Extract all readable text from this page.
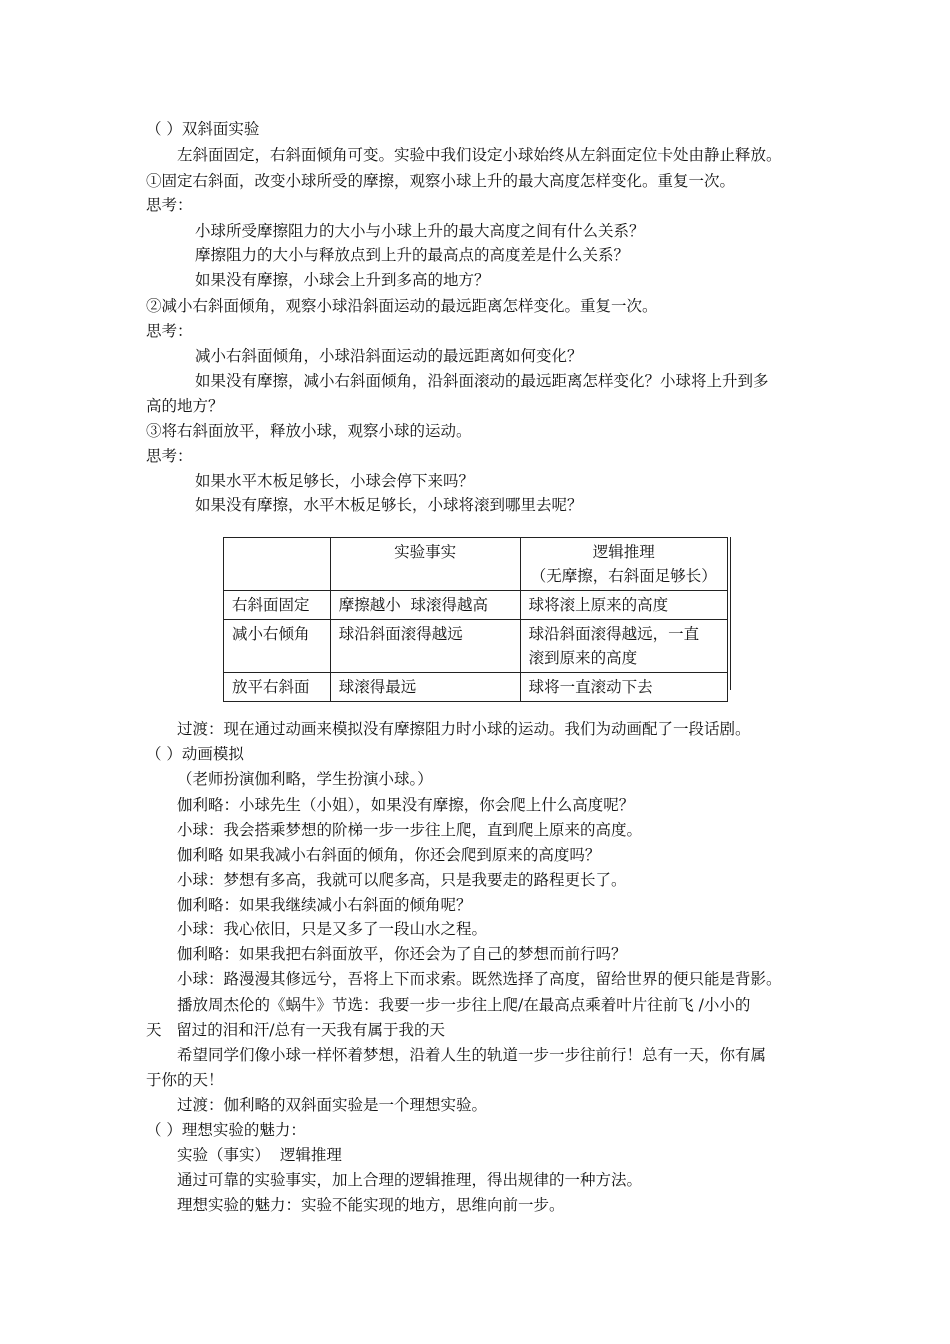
（ ）双斜面实验
左斜面固定，右斜面倾角可变。实验中我们设定小球始终从左斜面定位卡处由静止释放。
①固定右斜面，改变小球所受的摩擦，观察小球上升的最大高度怎样变化。重复一次。
思考：
小球所受摩擦阻力的大小与小球上升的最大高度之间有什么关系？
摩擦阻力的大小与释放点到上升的最高点的高度差是什么关系？
如果没有摩擦，小球会上升到多高的地方？
②减小右斜面倾角，观察小球沿斜面运动的最远距离怎样变化。重复一次。
思考：
减小右斜面倾角，小球沿斜面运动的最远距离如何变化？
如果没有摩擦，减小右斜面倾角，沿斜面滚动的最远距离怎样变化？小球将上升到多
高的地方？
③将右斜面放平，释放小球，观察小球的运动。
思考：
如果水平木板足够长，小球会停下来吗？
如果没有摩擦，水平木板足够长，小球将滚到哪里去呢？
	实验事实	逻辑推理
（无摩擦，右斜面足够长）

右斜面固定	摩擦越小  球滚得越高	球将滚上原来的高度

减小右倾角	球沿斜面滚得越远	球沿斜面滚得越远，一直
滚到原来的高度

放平右斜面	球滚得最远	球将一直滚动下去
过渡：现在通过动画来模拟没有摩擦阻力时小球的运动。我们为动画配了一段话剧。
（ ）动画模拟
（老师扮演伽利略，学生扮演小球。）
伽利略：小球先生（小姐），如果没有摩擦，你会爬上什么高度呢？
小球：我会搭乘梦想的阶梯一步一步往上爬，直到爬上原来的高度。
伽利略 如果我减小右斜面的倾角，你还会爬到原来的高度吗？
小球：梦想有多高，我就可以爬多高，只是我要走的路程更长了。
伽利略：如果我继续减小右斜面的倾角呢？
小球：我心依旧，只是又多了一段山水之程。
伽利略：如果我把右斜面放平，你还会为了自己的梦想而前行吗？
小球：路漫漫其修远兮，吾将上下而求索。既然选择了高度，留给世界的便只能是背影。
播放周杰伦的《蜗牛》节选：我要一步一步往上爬/在最高点乘着叶片往前飞 /小小的
天   留过的泪和汗/总有一天我有属于我的天
希望同学们像小球一样怀着梦想，沿着人生的轨道一步一步往前行！总有一天，你有属
于你的天！
过渡：伽利略的双斜面实验是一个理想实验。
（ ）理想实验的魅力：
实验（事实）  逻辑推理
通过可靠的实验事实，加上合理的逻辑推理，得出规律的一种方法。
理想实验的魅力：实验不能实现的地方，思维向前一步。
